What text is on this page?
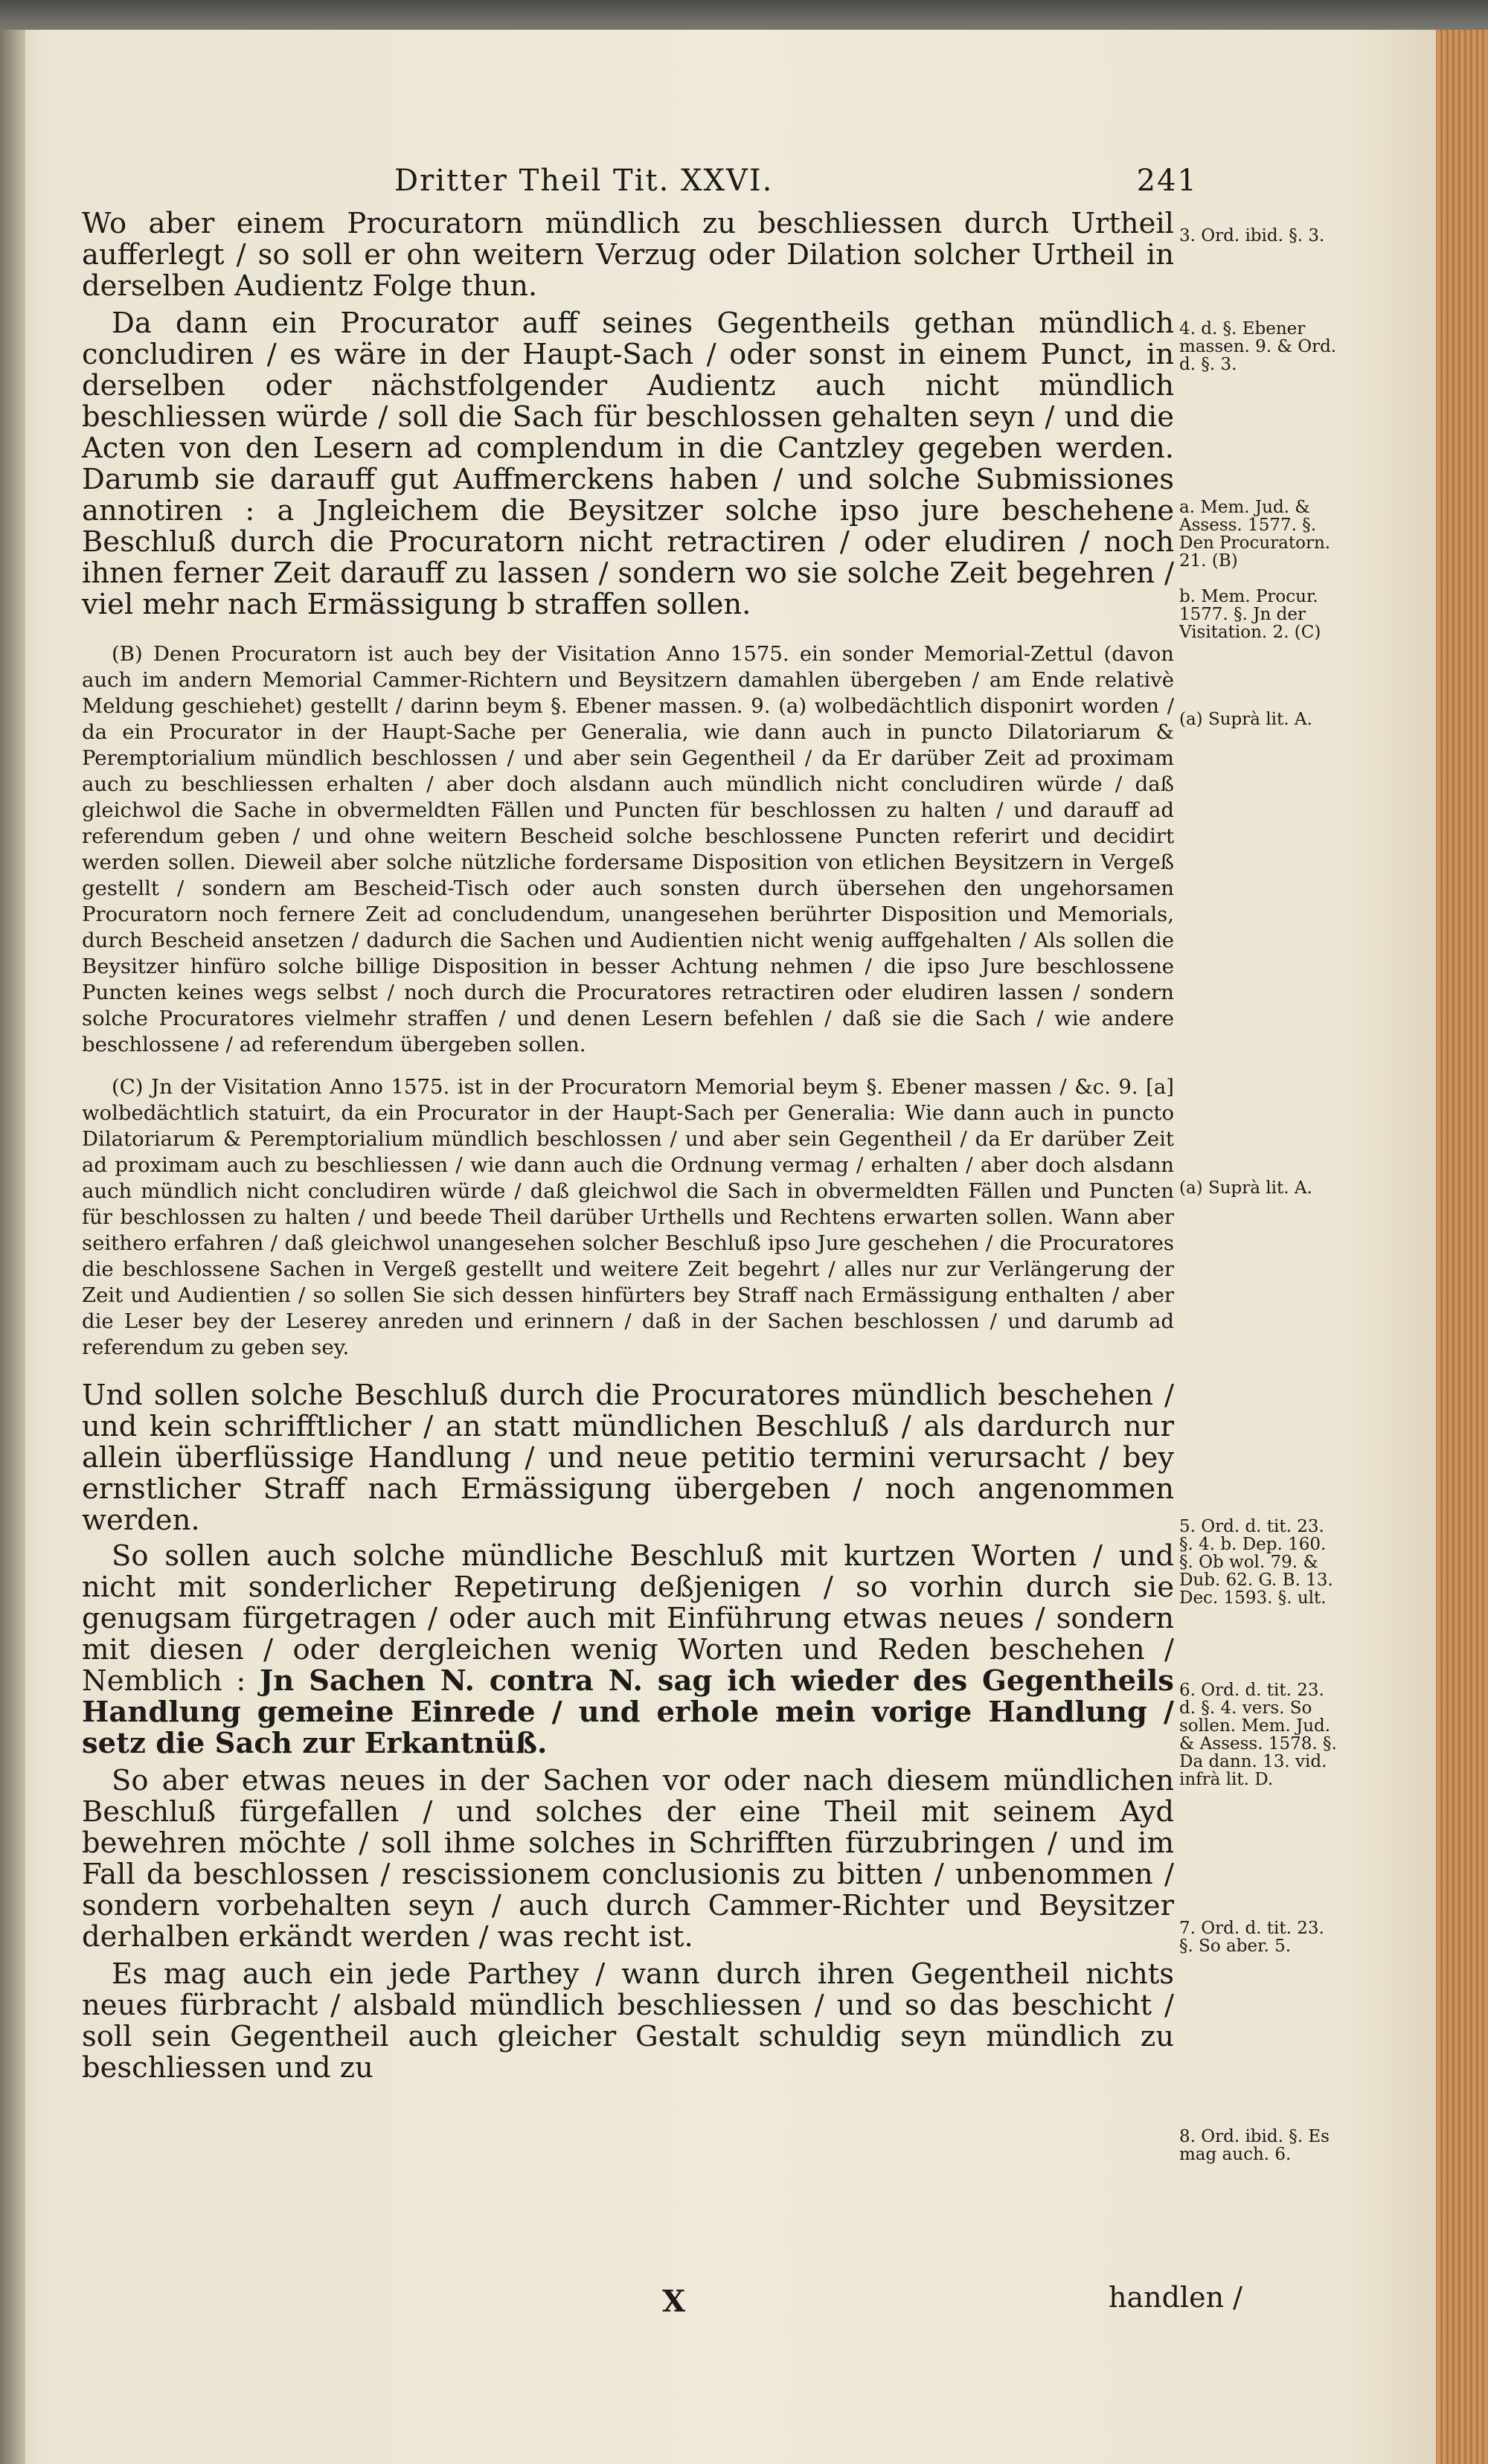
Dritter Theil Tit. XXVI.	241

Wo aber einem Procuratorn mündlich zu beschliessen durch Urtheil aufferlegt / so soll er ohn weitern Verzug oder Dilation solcher Urtheil in derselben Audientz Folge thun.

Da dann ein Procurator auff seines Gegentheils gethan mündlich concludiren / es wäre in der Haupt-Sach / oder sonst in einem Punct, in derselben oder nächstfolgender Audientz auch nicht mündlich beschliessen würde / soll die Sach für beschlossen gehalten seyn / und die Acten von den Lesern ad complendum in die Cantzley gegeben werden. Darumb sie darauff gut Auffmerckens haben / und solche Submissiones annotiren : a Jngleichem die Beysitzer solche ipso jure beschehene Beschluß durch die Procuratorn nicht retractiren / oder eludiren / noch ihnen ferner Zeit darauff zu lassen / sondern wo sie solche Zeit begehren / viel mehr nach Ermässigung b straffen sollen.

(B) Denen Procuratorn ist auch bey der Visitation Anno 1575. ein sonder Memorial-Zettul (davon auch im andern Memorial Cammer-Richtern und Beysitzern damahlen übergeben / am Ende relativè Meldung geschiehet) gestellt / darinn beym §. Ebener massen. 9. (a) wolbedächtlich disponirt worden / da ein Procurator in der Haupt-Sache per Generalia, wie dann auch in puncto Dilatoriarum & Peremptorialium mündlich beschlossen / und aber sein Gegentheil / da Er darüber Zeit ad proximam auch zu beschliessen erhalten / aber doch alsdann auch mündlich nicht concludiren würde / daß gleichwol die Sache in obvermeldten Fällen und Puncten für beschlossen zu halten / und darauff ad referendum geben / und ohne weitern Bescheid solche beschlossene Puncten referirt und decidirt werden sollen. Dieweil aber solche nützliche fordersame Disposition von etlichen Beysitzern in Vergeß gestellt / sondern am Bescheid-Tisch oder auch sonsten durch übersehen den ungehorsamen Procuratorn noch fernere Zeit ad concludendum, unangesehen berührter Disposition und Memorials, durch Bescheid ansetzen / dadurch die Sachen und Audientien nicht wenig auffgehalten / Als sollen die Beysitzer hinfüro solche billige Disposition in besser Achtung nehmen / die ipso Jure beschlossene Puncten keines wegs selbst / noch durch die Procuratores retractiren oder eludiren lassen / sondern solche Procuratores vielmehr straffen / und denen Lesern befehlen / daß sie die Sach / wie andere beschlossene / ad referendum übergeben sollen.

(C) Jn der Visitation Anno 1575. ist in der Procuratorn Memorial beym §. Ebener massen / &c. 9. [a] wolbedächtlich statuirt, da ein Procurator in der Haupt-Sach per Generalia: Wie dann auch in puncto Dilatoriarum & Peremptorialium mündlich beschlossen / und aber sein Gegentheil / da Er darüber Zeit ad proximam auch zu beschliessen / wie dann auch die Ordnung vermag / erhalten / aber doch alsdann auch mündlich nicht concludiren würde / daß gleichwol die Sach in obvermeldten Fällen und Puncten für beschlossen zu halten / und beede Theil darüber Urthells und Rechtens erwarten sollen. Wann aber seithero erfahren / daß gleichwol unangesehen solcher Beschluß ipso Jure geschehen / die Procuratores die beschlossene Sachen in Vergeß gestellt und weitere Zeit begehrt / alles nur zur Verlängerung der Zeit und Audientien / so sollen Sie sich dessen hinfürters bey Straff nach Ermässigung enthalten / aber die Leser bey der Leserey anreden und erinnern / daß in der Sachen beschlossen / und darumb ad referendum zu geben sey.

Und sollen solche Beschluß durch die Procuratores mündlich beschehen / und kein schrifftlicher / an statt mündlichen Beschluß / als dardurch nur allein überflüssige Handlung / und neue petitio termini verursacht / bey ernstlicher Straff nach Ermässigung übergeben / noch angenommen werden.

So sollen auch solche mündliche Beschluß mit kurtzen Worten / und nicht mit sonderlicher Repetirung deßjenigen / so vorhin durch sie genugsam fürgetragen / oder auch mit Einführung etwas neues / sondern mit diesen / oder dergleichen wenig Worten und Reden beschehen / Nemblich : Jn Sachen N. contra N. sag ich wieder des Gegentheils Handlung gemeine Einrede / und erhole mein vorige Handlung / setz die Sach zur Erkantnüß.

So aber etwas neues in der Sachen vor oder nach diesem mündlichen Beschluß fürgefallen / und solches der eine Theil mit seinem Ayd bewehren möchte / soll ihme solches in Schrifften fürzubringen / und im Fall da beschlossen / rescissionem conclusionis zu bitten / unbenommen / sondern vorbehalten seyn / auch durch Cammer-Richter und Beysitzer derhalben erkändt werden / was recht ist.

Es mag auch ein jede Parthey / wann durch ihren Gegentheil nichts neues fürbracht / alsbald mündlich beschliessen / und so das beschicht / soll sein Gegentheil auch gleicher Gestalt schuldig seyn mündlich zu beschliessen und zu

3. Ord. ibid. §. 3.
4. d. §. Ebener massen. 9. & Ord. d. §. 3.
a. Mem. Jud. & Assess. 1577. §. Den Procuratorn. 21. (B)
b. Mem. Procur. 1577. §. Jn der Visitation. 2. (C)
(a) Suprà lit. A.
(a) Suprà lit. A.
5. Ord. d. tit. 23. §. 4. b. Dep. 160. §. Ob wol. 79. & Dub. 62. G. B. 13. Dec. 1593. §. ult.
6. Ord. d. tit. 23. d. §. 4. vers. So sollen. Mem. Jud. & Assess. 1578. §. Da dann. 13. vid. infrà lit. D.
7. Ord. d. tit. 23. §. So aber. 5.
8. Ord. ibid. §. Es mag auch. 6.
X	handlen /
